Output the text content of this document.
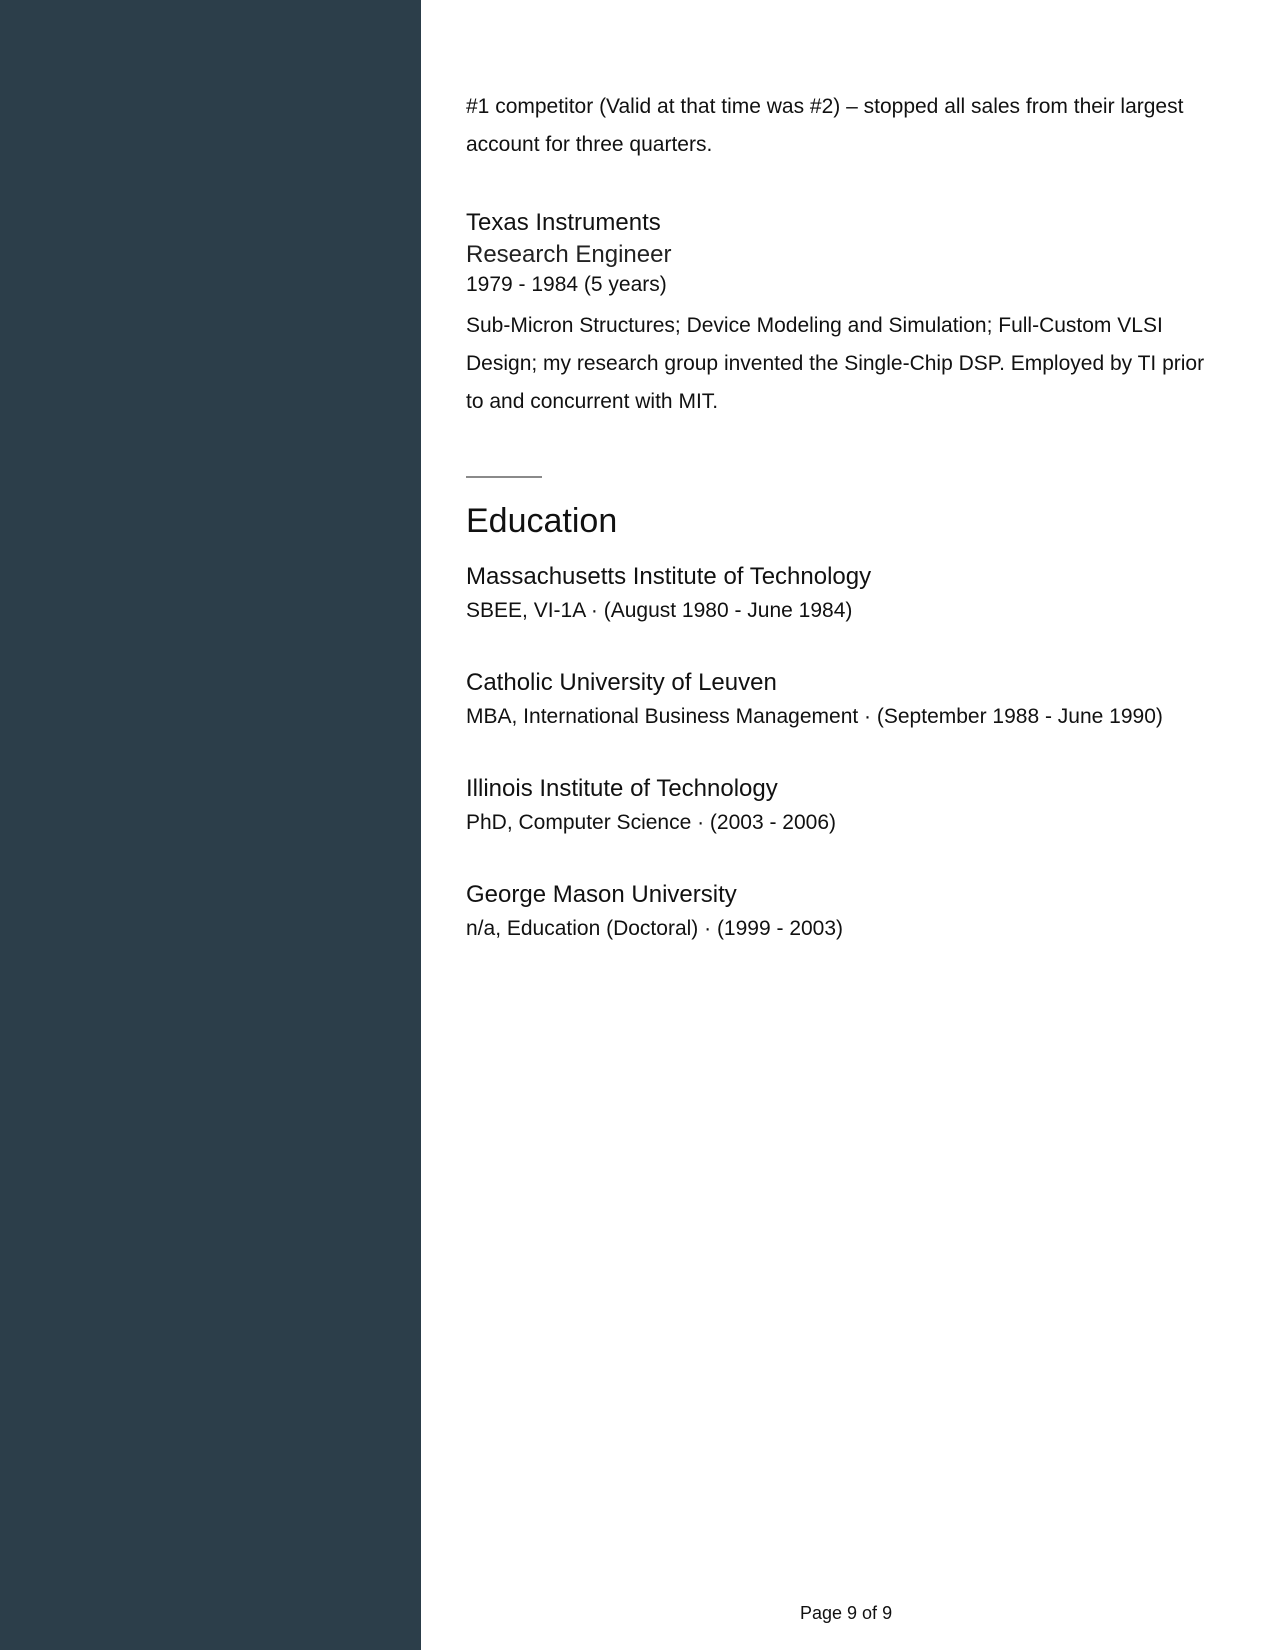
#1 competitor (Valid at that time was #2) – stopped all sales from their largest account for three quarters.

Texas Instruments

Research Engineer

1979 - 1984 (5 years)

Sub-Micron Structures; Device Modeling and Simulation; Full-Custom VLSI Design; my research group invented the Single-Chip DSP. Employed by TI prior to and concurrent with MIT.

Education

Massachusetts Institute of Technology

SBEE, VI-1A · (August 1980 - June 1984)

Catholic University of Leuven

MBA, International Business Management · (September 1988 - June 1990)

Illinois Institute of Technology

PhD, Computer Science · (2003 - 2006)

George Mason University

n/a, Education (Doctoral) · (1999 - 2003)

Page 9 of 9
